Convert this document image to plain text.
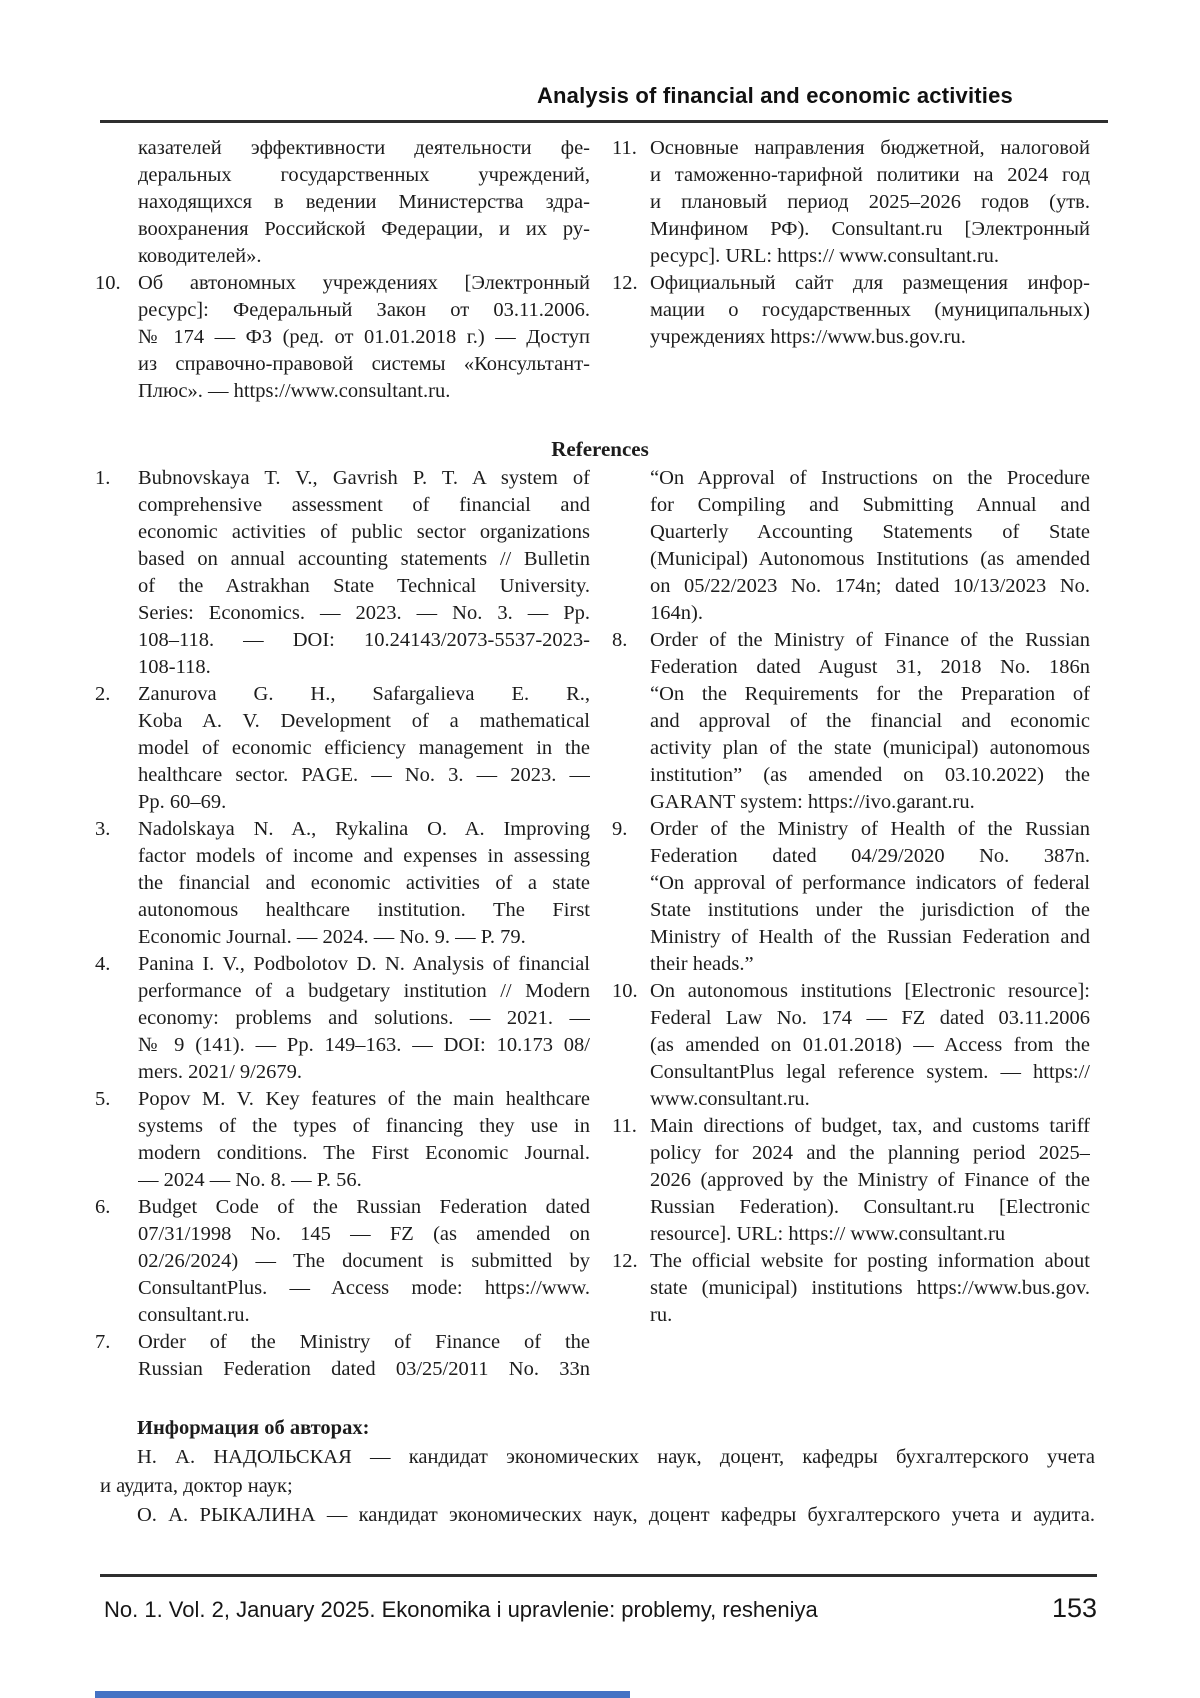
Analysis of financial and economic activities
казателей эффективности деятельности фе-
деральных государственных учреждений,
находящихся в ведении Министерства здра-
воохранения Российской Федерации, и их ру-
ководителей».
10. Об автономных учреждениях [Электронный
ресурс]: Федеральный Закон от 03.11.2006.
№ 174 — ФЗ (ред. от 01.01.2018 г.) — Доступ
из справочно-правовой системы «Консультант-
Плюс». — https://www.consultant.ru.
11. Основные направления бюджетной, налоговой
и таможенно-тарифной политики на 2024 год
и плановый период 2025–2026 годов (утв.
Минфином РФ). Consultant.ru [Электронный
ресурс]. URL: https:// www.consultant.ru.
12. Официальный сайт для размещения инфор-
мации о государственных (муниципальных)
учреждениях https://www.bus.gov.ru.
References
1.	Bubnovskaya T. V., Gavrish P. T. A system of
comprehensive assessment of financial and
economic activities of public sector organizations
based on annual accounting statements // Bulletin
of the Astrakhan State Technical University.
Series: Economics. — 2023. — No. 3. — Pp.
108–118. — DOI: 10.24143/2073-5537-2023-
108-118.
2.	Zanurova G. H., Safargalieva E. R.,
Koba A. V. Development of a mathematical
model of economic efficiency management in the
healthcare sector. PAGE. — No. 3. — 2023. —
Pp. 60–69.
3.	Nadolskaya N. A., Rykalina O. A. Improving
factor models of income and expenses in assessing
the financial and economic activities of a state
autonomous healthcare institution. The First
Economic Journal. — 2024. — No. 9. — P. 79.
4.	Panina I. V., Podbolotov D. N. Analysis of financial
performance of a budgetary institution // Modern
economy: problems and solutions. — 2021. —
№ 9 (141). — Pp. 149–163. — DOI: 10.173 08/
mers. 2021/ 9/2679.
5.	Popov M. V. Key features of the main healthcare
systems of the types of financing they use in
modern conditions. The First Economic Journal.
— 2024 — No. 8. — P. 56.
6.	Budget Code of the Russian Federation dated
07/31/1998 No. 145 — FZ (as amended on
02/26/2024) — The document is submitted by
ConsultantPlus. — Access mode: https://www.
consultant.ru.
7.	Order of the Ministry of Finance of the
Russian Federation dated 03/25/2011 No. 33n
“On Approval of Instructions on the Procedure
for Compiling and Submitting Annual and
Quarterly Accounting Statements of State
(Municipal) Autonomous Institutions (as amended
on 05/22/2023 No. 174n; dated 10/13/2023 No.
164n).
8.	Order of the Ministry of Finance of the Russian
Federation dated August 31, 2018 No. 186n
“On the Requirements for the Preparation of
and approval of the financial and economic
activity plan of the state (municipal) autonomous
institution” (as amended on 03.10.2022) the
GARANT system: https://ivo.garant.ru.
9.	Order of the Ministry of Health of the Russian
Federation dated 04/29/2020 No. 387n.
“On approval of performance indicators of federal
State institutions under the jurisdiction of the
Ministry of Health of the Russian Federation and
their heads.”
10. On autonomous institutions [Electronic resource]:
Federal Law No. 174 — FZ dated 03.11.2006
(as amended on 01.01.2018) — Access from the
ConsultantPlus legal reference system. — https://
www.consultant.ru.
11. Main directions of budget, tax, and customs tariff
policy for 2024 and the planning period 2025–
2026 (approved by the Ministry of Finance of the
Russian Federation). Consultant.ru [Electronic
resource]. URL: https:// www.consultant.ru
12. The official website for posting information about
state (municipal) institutions https://www.bus.gov.
ru.
Информация об авторах:
Н. А. НАДОЛЬСКАЯ — кандидат экономических наук, доцент, кафедры бухгалтерского учета
и аудита, доктор наук;
О. А. РЫКАЛИНА — кандидат экономических наук, доцент кафедры бухгалтерского учета и аудита.
No. 1. Vol. 2, January 2025. Ekonomika i upravlenie: problemy, resheniya	153
